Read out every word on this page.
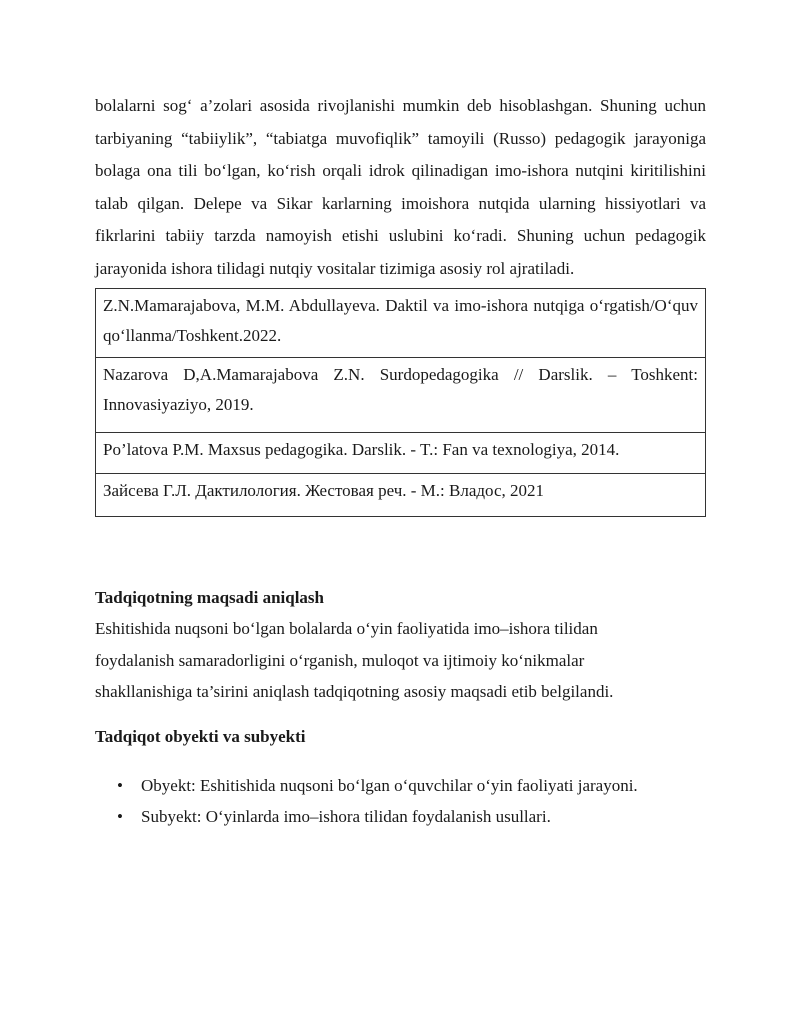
bolalarni sog‘ a’zolari asosida rivojlanishi mumkin deb hisoblashgan. Shuning uchun tarbiyaning “tabiiylik”, “tabiatga muvofiqlik” tamoyili (Russo) pedagogik jarayoniga bolaga ona tili bo‘lgan, ko‘rish orqali idrok qilinadigan imo-ishora nutqini kiritilishini talab qilgan. Delepe va Sikar karlarning imoishora nutqida ularning hissiyotlari va fikrlarini tabiiy tarzda namoyish etishi uslubini ko‘radi. Shuning uchun pedagogik jarayonida ishora tilidagi nutqiy vositalar tizimiga asosiy rol ajratiladi.

Z.N.Mamarajabova, M.M. Abdullayeva. Daktil va imo-ishora nutqiga o‘rgatish/O‘quv qo‘llanma/Toshkent.2022.
Nazarova D,A.Mamarajabova Z.N. Surdopedagogika // Darslik. – Toshkent: Innovasiyaziyo, 2019.
Po’latova P.M. Maxsus pedagogika. Darslik. - T.: Fan va texnologiya, 2014.
Зайсева Г.Л. Дактилология. Жестовая реч. - М.: Владос, 2021

Tadqiqotning maqsadi aniqlash

Eshitishida nuqsoni bo‘lgan bolalarda o‘yin faoliyatida imo–ishora tilidan

foydalanish samaradorligini o‘rganish, muloqot va ijtimoiy ko‘nikmalar

shakllanishiga ta’sirini aniqlash tadqiqotning asosiy maqsadi etib belgilandi.

Tadqiqot obyekti va subyekti

• Obyekt: Eshitishida nuqsoni bo‘lgan o‘quvchilar o‘yin faoliyati jarayoni.
• Subyekt: O‘yinlarda imo–ishora tilidan foydalanish usullari.
